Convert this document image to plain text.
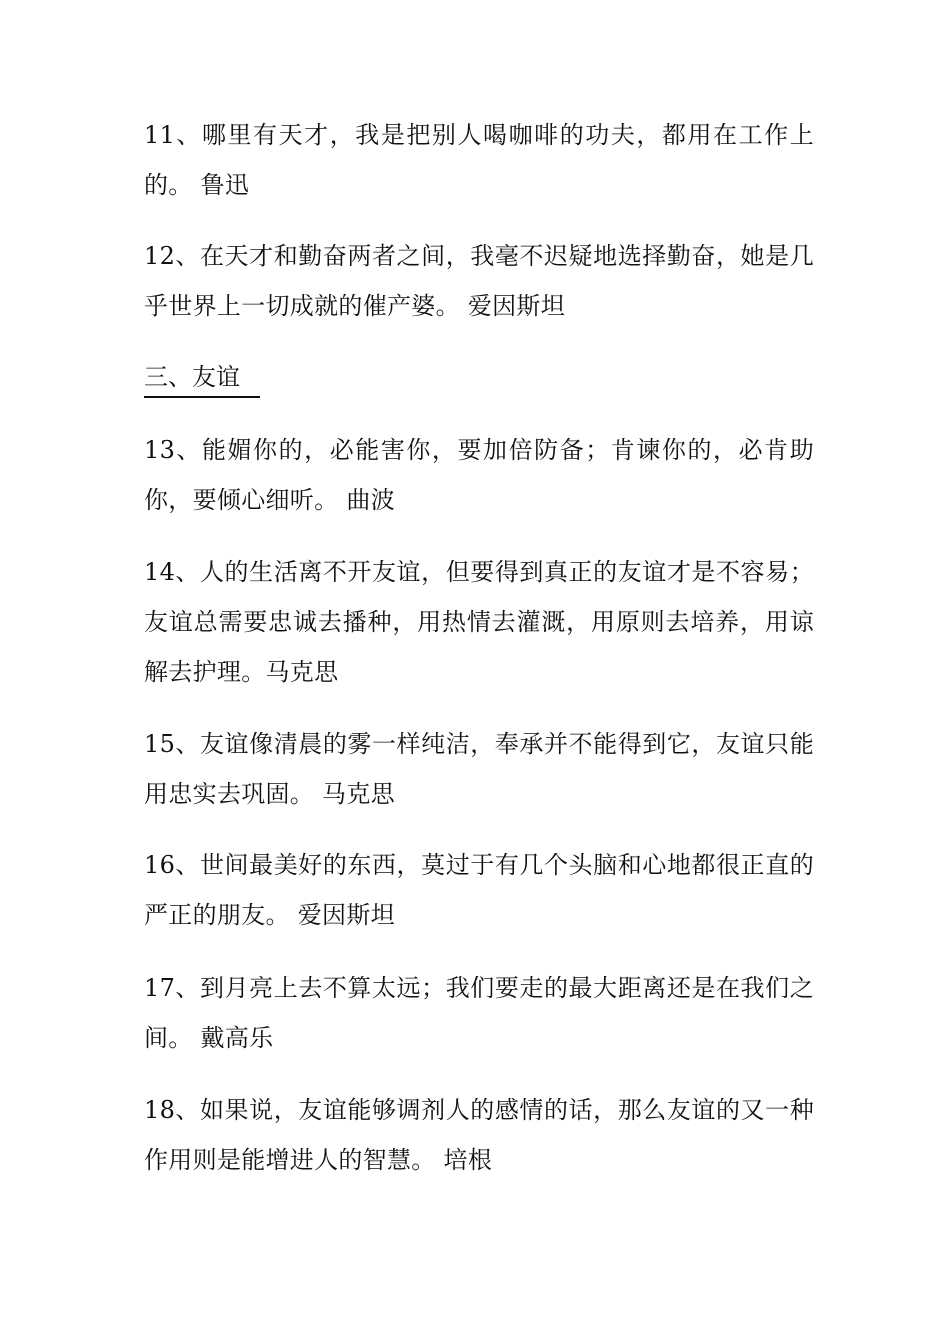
11、哪里有天才，我是把别人喝咖啡的功夫，都用在工作上的。 鲁迅

12、在天才和勤奋两者之间，我毫不迟疑地选择勤奋，她是几乎世界上一切成就的催产婆。 爱因斯坦

三、友谊

13、能媚你的，必能害你，要加倍防备；肯谏你的，必肯助你，要倾心细听。 曲波

14、人的生活离不开友谊，但要得到真正的友谊才是不容易；友谊总需要忠诚去播种，用热情去灌溉，用原则去培养，用谅解去护理。马克思

15、友谊像清晨的雾一样纯洁，奉承并不能得到它，友谊只能用忠实去巩固。 马克思

16、世间最美好的东西，莫过于有几个头脑和心地都很正直的严正的朋友。 爱因斯坦

17、到月亮上去不算太远；我们要走的最大距离还是在我们之间。 戴高乐

18、如果说，友谊能够调剂人的感情的话，那么友谊的又一种作用则是能增进人的智慧。 培根
